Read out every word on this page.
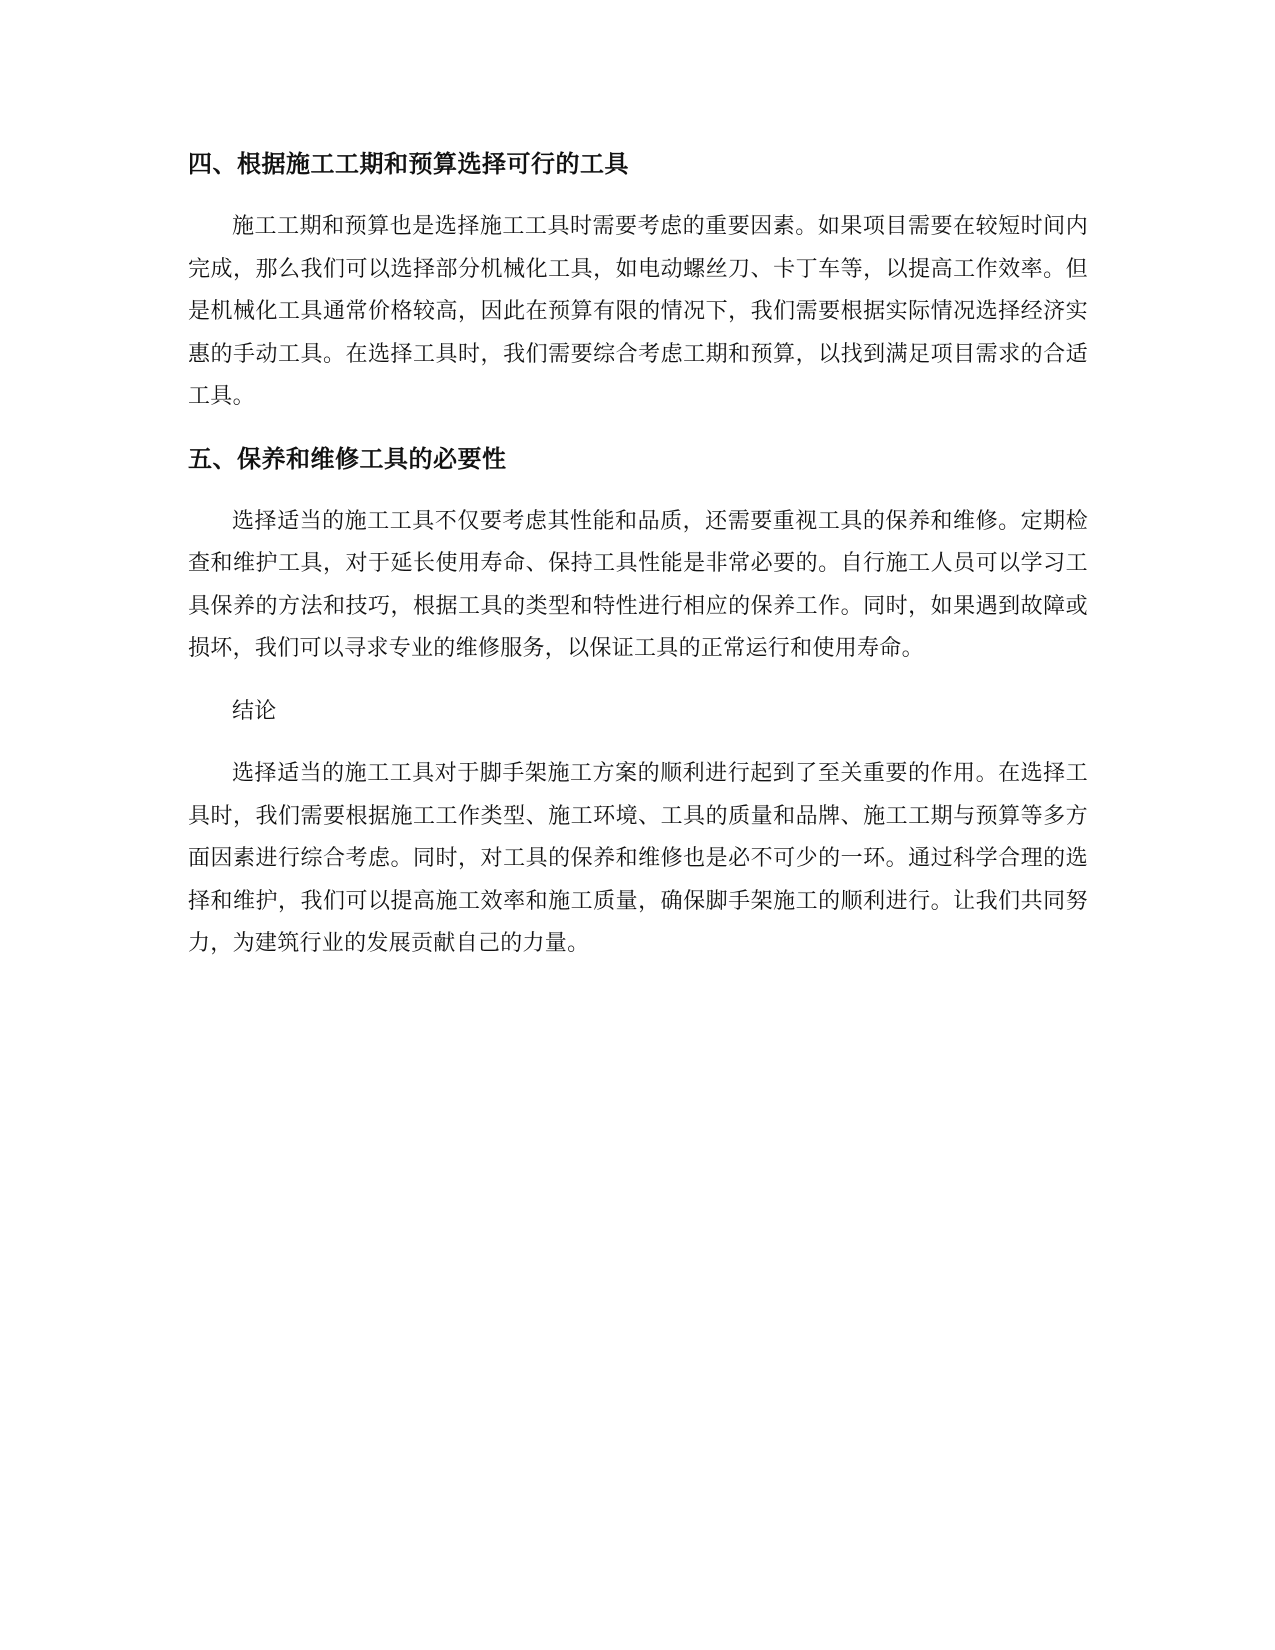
四、根据施工工期和预算选择可行的工具

施工工期和预算也是选择施工工具时需要考虑的重要因素。如果项目需要在较短时间内完成，那么我们可以选择部分机械化工具，如电动螺丝刀、卡丁车等，以提高工作效率。但是机械化工具通常价格较高，因此在预算有限的情况下，我们需要根据实际情况选择经济实惠的手动工具。在选择工具时，我们需要综合考虑工期和预算，以找到满足项目需求的合适工具。

五、保养和维修工具的必要性

选择适当的施工工具不仅要考虑其性能和品质，还需要重视工具的保养和维修。定期检查和维护工具，对于延长使用寿命、保持工具性能是非常必要的。自行施工人员可以学习工具保养的方法和技巧，根据工具的类型和特性进行相应的保养工作。同时，如果遇到故障或损坏，我们可以寻求专业的维修服务，以保证工具的正常运行和使用寿命。

结论

选择适当的施工工具对于脚手架施工方案的顺利进行起到了至关重要的作用。在选择工具时，我们需要根据施工工作类型、施工环境、工具的质量和品牌、施工工期与预算等多方面因素进行综合考虑。同时，对工具的保养和维修也是必不可少的一环。通过科学合理的选择和维护，我们可以提高施工效率和施工质量，确保脚手架施工的顺利进行。让我们共同努力，为建筑行业的发展贡献自己的力量。
